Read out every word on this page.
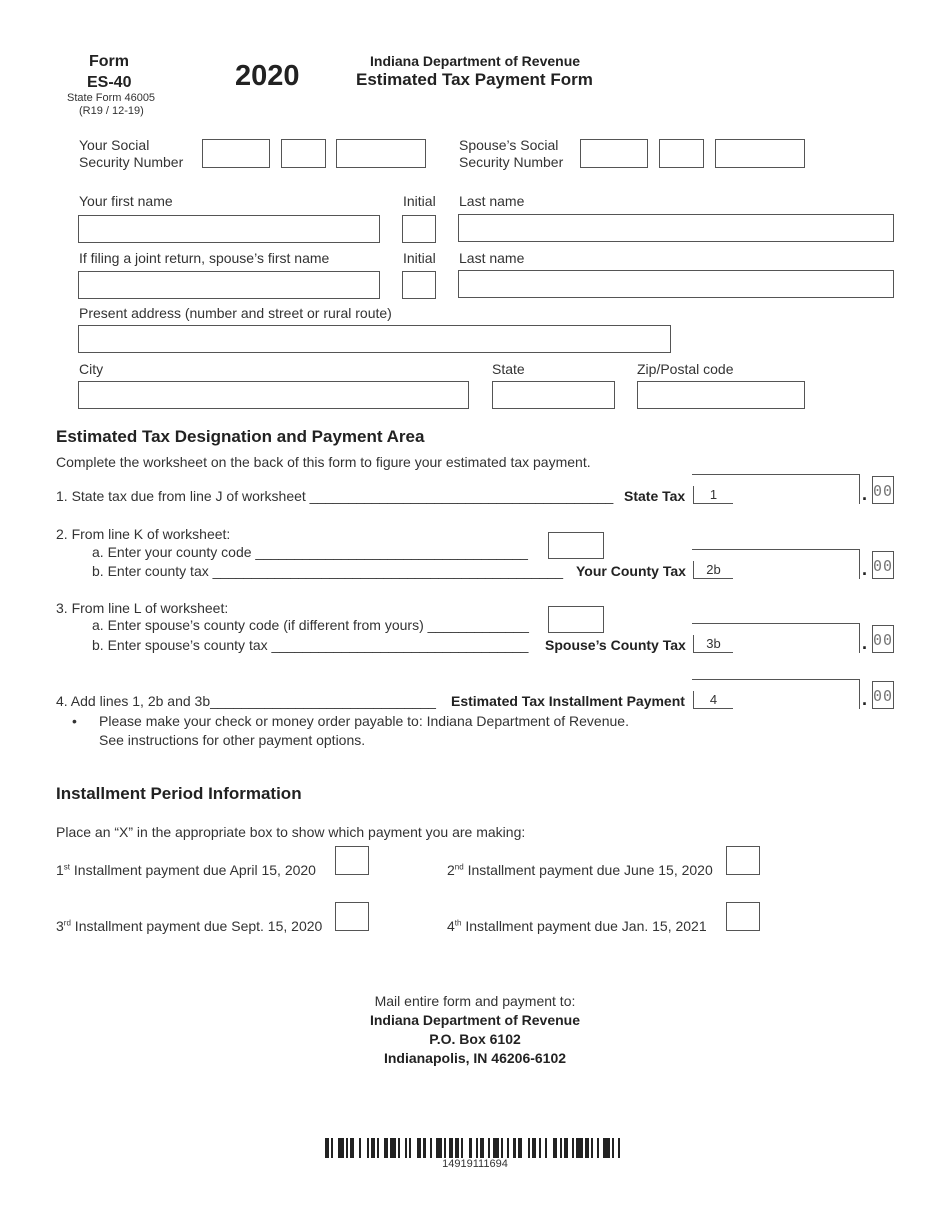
Form
ES-40
State Form 46005
(R19 / 12-19)
2020	Indiana Department of Revenue
Estimated Tax Payment Form
Your Social
Security Number
Spouse’s Social
Security Number
Your first name	Initial Last name
If filing a joint return, spouse’s first name	Initial Last name
Present address (number and street or rural route)
City	State	Zip/Postal code
Estimated Tax Designation and Payment Area
Complete the worksheet on the back of this form to figure your estimated tax payment.
1. State tax due from line J of worksheet _______________________________________ State Tax	1	. 00
2. From line K of worksheet:
a. Enter your county code ___________________________________
b. Enter county tax _____________________________________________ Your County Tax	2b	. 00
3. From line L of worksheet:
a. Enter spouse’s county code (if different from yours) _____________
b. Enter spouse’s county tax _________________________________ Spouse’s County Tax	3b	. 00
4. Add lines 1, 2b and 3b_____________________________ Estimated Tax Installment Payment	4	. 00
• Please make your check or money order payable to: Indiana Department of Revenue.
See instructions for other payment options.
Installment Period Information
Place an “X” in the appropriate box to show which payment you are making:
1st Installment payment due April 15, 2020	2nd Installment payment due June 15, 2020
3rd Installment payment due Sept. 15, 2020	4th Installment payment due Jan. 15, 2021
Mail entire form and payment to:
Indiana Department of Revenue
P.O. Box 6102
Indianapolis, IN 46206-6102
14919111694
